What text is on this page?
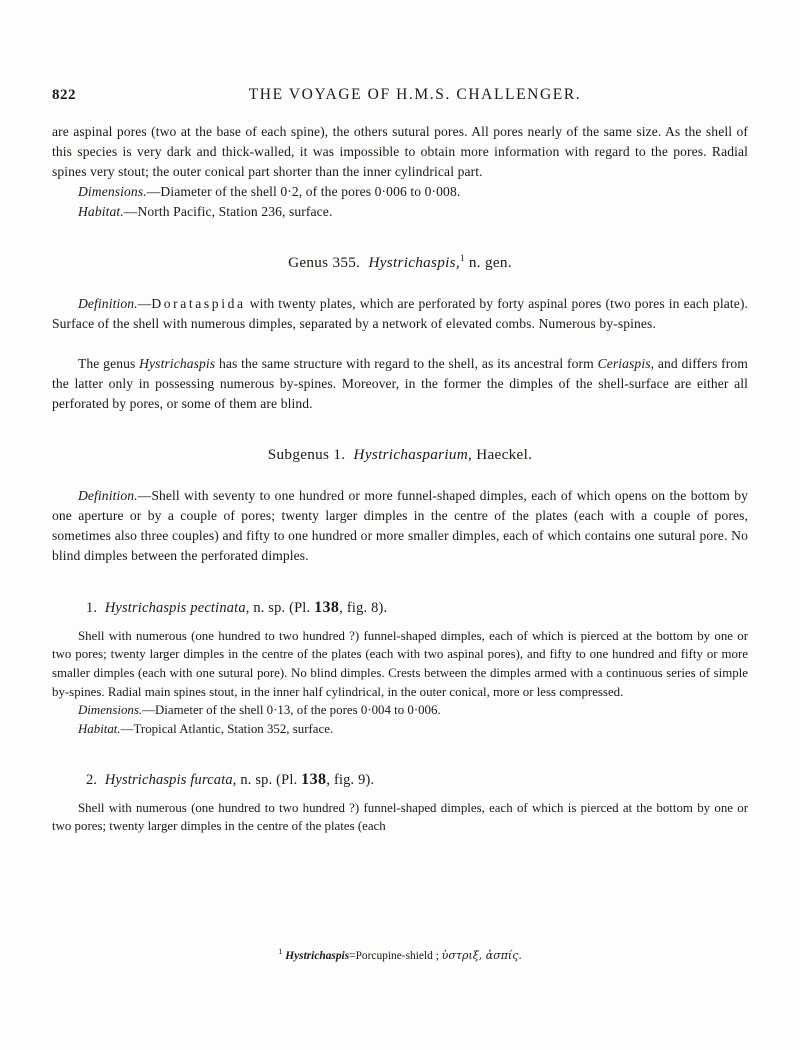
822	THE VOYAGE OF H.M.S. CHALLENGER.

are aspinal pores (two at the base of each spine), the others sutural pores. All pores nearly of the same size. As the shell of this species is very dark and thick-walled, it was impossible to obtain more information with regard to the pores. Radial spines very stout; the outer conical part shorter than the inner cylindrical part.

Dimensions.—Diameter of the shell 0·2, of the pores 0·006 to 0·008.

Habitat.—North Pacific, Station 236, surface.

Genus 355. Hystrichaspis,$^1$ n. gen.

Definition.—Dorataspida with twenty plates, which are perforated by forty aspinal pores (two pores in each plate). Surface of the shell with numerous dimples, separated by a network of elevated combs. Numerous by-spines.

The genus Hystrichaspis has the same structure with regard to the shell, as its ancestral form Ceriaspis, and differs from the latter only in possessing numerous by-spines. Moreover, in the former the dimples of the shell-surface are either all perforated by pores, or some of them are blind.

Subgenus 1. Hystrichasparium, Haeckel.

Definition.—Shell with seventy to one hundred or more funnel-shaped dimples, each of which opens on the bottom by one aperture or by a couple of pores; twenty larger dimples in the centre of the plates (each with a couple of pores, sometimes also three couples) and fifty to one hundred or more smaller dimples, each of which contains one sutural pore. No blind dimples between the perforated dimples.

1. Hystrichaspis pectinata, n. sp. (Pl. 138, fig. 8).

Shell with numerous (one hundred to two hundred ?) funnel-shaped dimples, each of which is pierced at the bottom by one or two pores; twenty larger dimples in the centre of the plates (each with two aspinal pores), and fifty to one hundred and fifty or more smaller dimples (each with one sutural pore). No blind dimples. Crests between the dimples armed with a continuous series of simple by-spines. Radial main spines stout, in the inner half cylindrical, in the outer conical, more or less compressed.

Dimensions.—Diameter of the shell 0·13, of the pores 0·004 to 0·006.

Habitat.—Tropical Atlantic, Station 352, surface.

2. Hystrichaspis furcata, n. sp. (Pl. 138, fig. 9).

Shell with numerous (one hundred to two hundred ?) funnel-shaped dimples, each of which is pierced at the bottom by one or two pores; twenty larger dimples in the centre of the plates (each

$^1$ Hystrichaspis=Porcupine-shield ; ὑστριξ, ἀσπίς.
